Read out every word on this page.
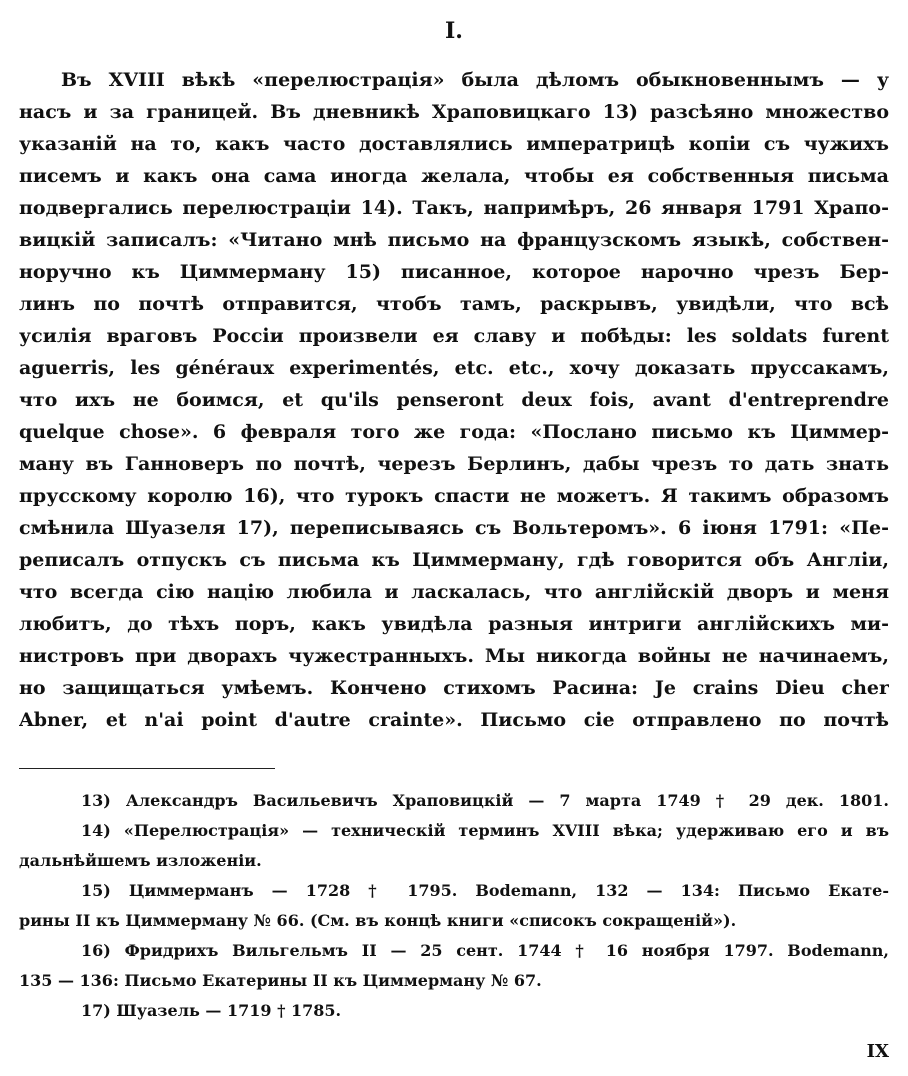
I.
Въ XVIII вѣкѣ «перелюстрація» была дѣломъ обыкновеннымъ — у
насъ и за границей. Въ дневникѣ Храповицкаго 13) разсѣяно множество
указаній на то, какъ часто доставлялись императрицѣ копіи съ чужихъ
писемъ и какъ она сама иногда желала, чтобы ея собственныя письма
подвергались перелюстраціи 14). Такъ, напримѣръ, 26 января 1791 Храпо-
вицкій записалъ: «Читано мнѣ письмо на французскомъ языкѣ, собствен-
норучно къ Циммерману 15) писанное, которое нарочно чрезъ Бер-
линъ по почтѣ отправится, чтобъ тамъ, раскрывъ, увидѣли, что всѣ
усилія враговъ Россіи произвели ея славу и побѣды: les soldats furent
aguerris, les généraux experimentés, etc. etc., хочу доказать пруссакамъ,
что ихъ не боимся, et qu'ils penseront deux fois, avant d'entreprendre
quelque chose». 6 февраля того же года: «Послано письмо къ Циммер-
ману въ Ганноверъ по почтѣ, черезъ Берлинъ, дабы чрезъ то дать знать
прусскому королю 16), что турокъ спасти не можетъ. Я такимъ образомъ
смѣнила Шуазеля 17), переписываясь съ Вольтеромъ». 6 іюня 1791: «Пе-
реписалъ отпускъ съ письма къ Циммерману, гдѣ говорится объ Англіи,
что всегда сію націю любила и ласкалась, что англійскій дворъ и меня
любитъ, до тѣхъ поръ, какъ увидѣла разныя интриги англійскихъ ми-
нистровъ при дворахъ чужестранныхъ. Мы никогда войны не начинаемъ,
но защищаться умѣемъ. Кончено стихомъ Расина: Je crains Dieu cher
Abner, et n'ai point d'autre crainte». Письмо сіе отправлено по почтѣ
13) Александръ Васильевичъ Храповицкій — 7 марта 1749 † 29 дек. 1801.
14) «Перелюстрація» — техническій терминъ XVIII вѣка; удерживаю его и въ
дальнѣйшемъ изложеніи.
15) Циммерманъ — 1728 † 1795. Bodemann, 132 — 134: Письмо Екате-
рины II къ Циммерману № 66. (См. въ концѣ книги «списокъ сокращеній»).
16) Фридрихъ Вильгельмъ II — 25 сент. 1744 † 16 ноября 1797. Bodemann,
135 — 136: Письмо Екатерины II къ Циммерману № 67.
17) Шуазель — 1719 † 1785.
IX
